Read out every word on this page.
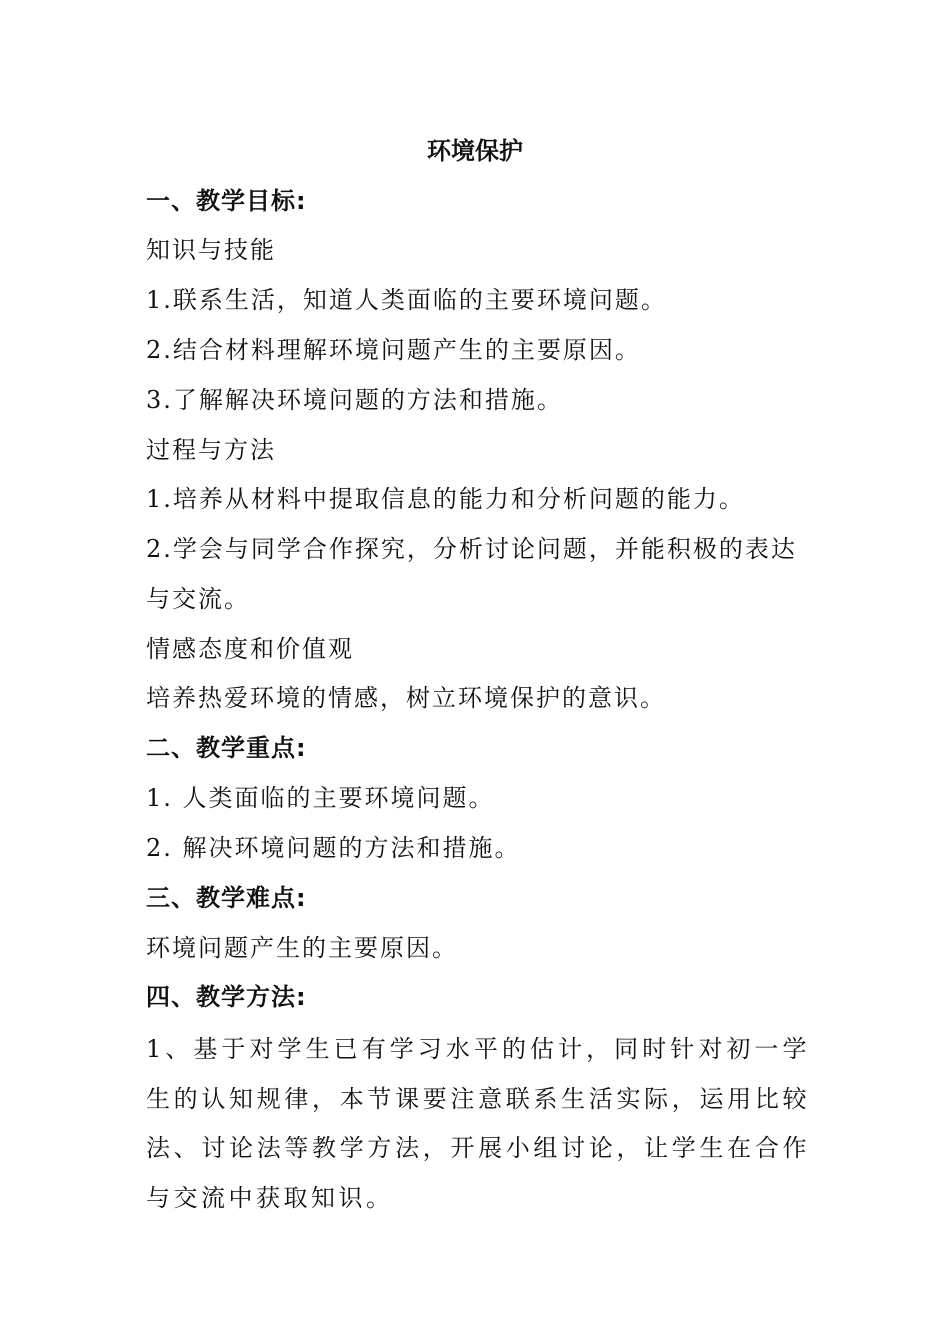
环境保护
一、教学目标:
知识与技能
1.联系生活，知道人类面临的主要环境问题。
2.结合材料理解环境问题产生的主要原因。
3.了解解决环境问题的方法和措施。
过程与方法
1.培养从材料中提取信息的能力和分析问题的能力。
2.学会与同学合作探究，分析讨论问题，并能积极的表达
与交流。
情感态度和价值观
培养热爱环境的情感，树立环境保护的意识。
二、教学重点:
1. 人类面临的主要环境问题。
2. 解决环境问题的方法和措施。
三、教学难点:
环境问题产生的主要原因。
四、教学方法:
1、基于对学生已有学习水平的估计，同时针对初一学生的认知规律，本节课要注意联系生活实际，运用比较法、讨论法等教学方法，开展小组讨论，让学生在合作与交流中获取知识。
